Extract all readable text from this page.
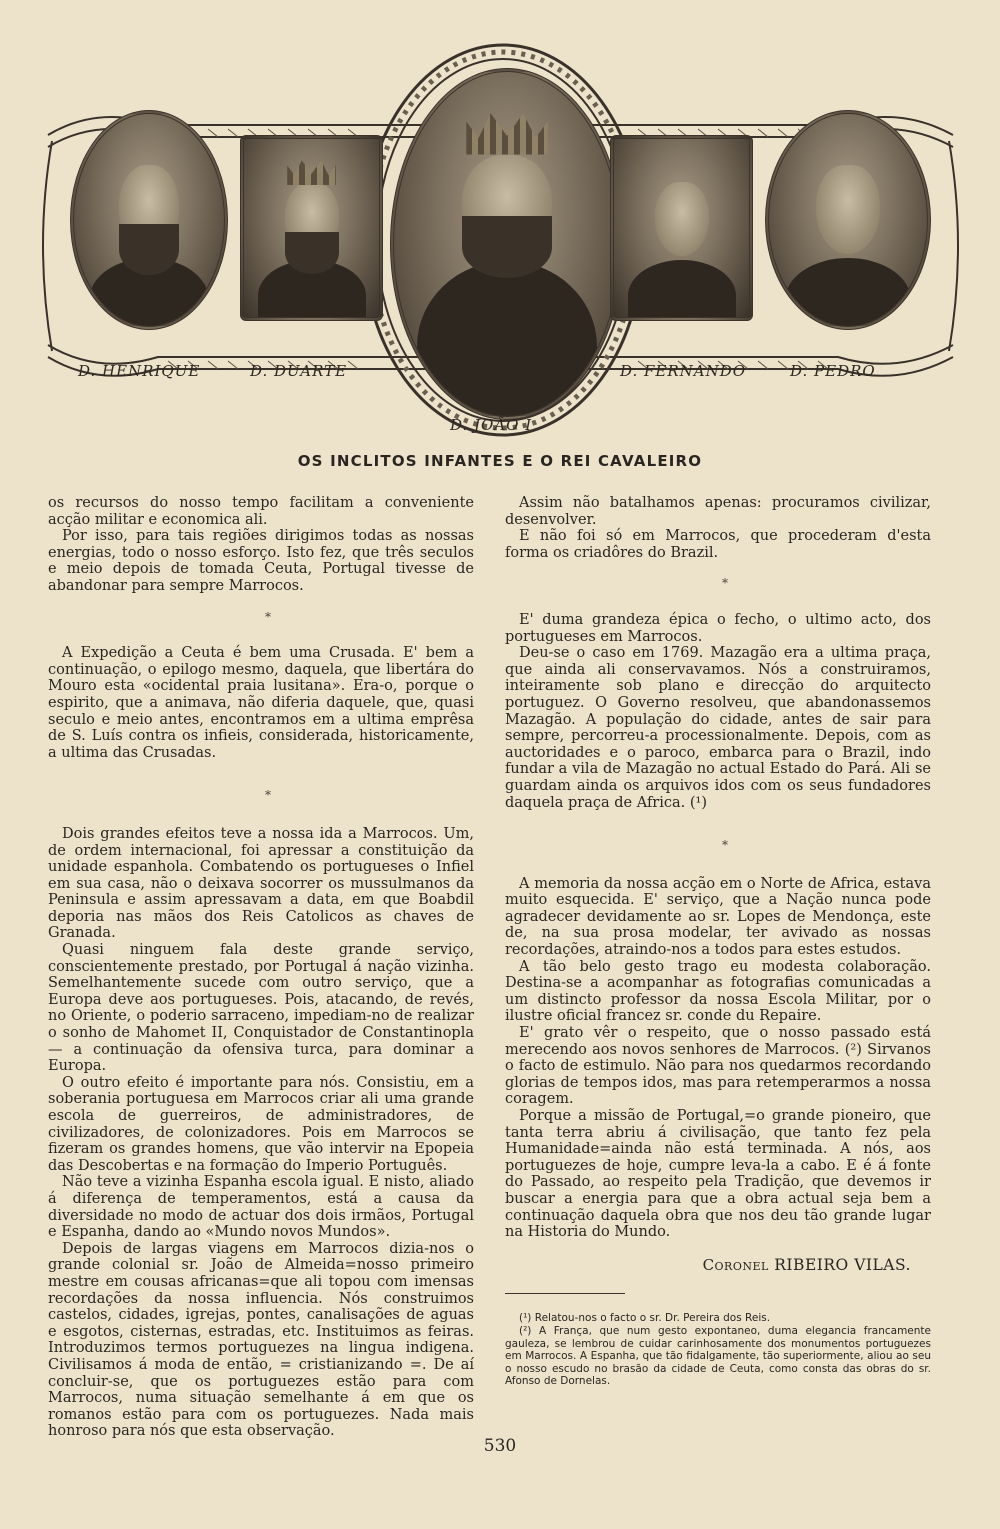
D. HENRIQUE	D. DUARTE	D. FERNANDO	D. PEDRO
D. JOÃO I
OS INCLITOS INFANTES E O REI CAVALEIRO

os recursos do nosso tempo facilitam a conveniente acção militar e economica ali.

Por isso, para tais regiões dirigimos todas as nossas energias, todo o nosso esforço. Isto fez, que três seculos e meio depois de tomada Ceuta, Portugal tivesse de abandonar para sempre Marrocos.

*

A Expedição a Ceuta é bem uma Crusada. E' bem a continuação, o epilogo mesmo, daquela, que libertára do Mouro esta «ocidental praia lusitana». Era-o, porque o espirito, que a animava, não diferia daquele, que, quasi seculo e meio antes, encontramos em a ultima emprêsa de S. Luís contra os infieis, considerada, historicamente, a ultima das Crusadas.

*

Dois grandes efeitos teve a nossa ida a Marrocos. Um, de ordem internacional, foi apressar a constituição da unidade espanhola. Combatendo os portugueses o Infiel em sua casa, não o deixava socorrer os mussulmanos da Peninsula e assim apressavam a data, em que Boabdil deporia nas mãos dos Reis Catolicos as chaves de Granada.

Quasi ninguem fala deste grande serviço, conscientemente prestado, por Portugal á nação vizinha. Semelhantemente sucede com outro serviço, que a Europa deve aos portugueses. Pois, atacando, de revés, no Oriente, o poderio sarraceno, impediam-no de realizar o sonho de Mahomet II, Conquistador de Constantinopla — a continuação da ofensiva turca, para dominar a Europa.

O outro efeito é importante para nós. Consistiu, em a soberania portuguesa em Marrocos criar ali uma grande escola de guerreiros, de administradores, de civilizadores, de colonizadores. Pois em Marrocos se fizeram os grandes homens, que vão intervir na Epopeia das Descobertas e na formação do Imperio Português.

Não teve a vizinha Espanha escola igual. E nisto, aliado á diferença de temperamentos, está a causa da diversidade no modo de actuar dos dois irmãos, Portugal e Espanha, dando ao «Mundo novos Mundos».

Depois de largas viagens em Marrocos dizia-nos o grande colonial sr. João de Almeida=nosso primeiro mestre em cousas africanas=que ali topou com imensas recordações da nossa influencia. Nós construimos castelos, cidades, igrejas, pontes, canalisações de aguas e esgotos, cisternas, estradas, etc. Instituimos as feiras. Introduzimos termos portuguezes na lingua indigena. Civilisamos á moda de então, = cristianizando =. De aí concluir-se, que os portuguezes estão para com Marrocos, numa situação semelhante á em que os romanos estão para com os portuguezes. Nada mais honroso para nós que esta observação.

Assim não batalhamos apenas: procuramos civilizar, desenvolver.

E não foi só em Marrocos, que procederam d'esta forma os criadôres do Brazil.

*

E' duma grandeza épica o fecho, o ultimo acto, dos portugueses em Marrocos.

Deu-se o caso em 1769. Mazagão era a ultima praça, que ainda ali conservavamos. Nós a construiramos, inteiramente sob plano e direcção do arquitecto portuguez. O Governo resolveu, que abandonassemos Mazagão. A população do cidade, antes de sair para sempre, percorreu-a processionalmente. Depois, com as auctoridades e o paroco, embarca para o Brazil, indo fundar a vila de Mazagão no actual Estado do Pará. Ali se guardam ainda os arquivos idos com os seus fundadores daquela praça de Africa. (¹)

*

A memoria da nossa acção em o Norte de Africa, estava muito esquecida. E' serviço, que a Nação nunca pode agradecer devidamente ao sr. Lopes de Mendonça, este de, na sua prosa modelar, ter avivado as nossas recordações, atraindo-nos a todos para estes estudos.

A tão belo gesto trago eu modesta colaboração. Destina-se a acompanhar as fotografias comunicadas a um distincto professor da nossa Escola Militar, por o ilustre oficial francez sr. conde du Repaire.

E' grato vêr o respeito, que o nosso passado está merecendo aos novos senhores de Marrocos. (²) Sirvanos o facto de estimulo. Não para nos quedarmos recordando glorias de tempos idos, mas para retemperarmos a nossa coragem.

Porque a missão de Portugal,=o grande pioneiro, que tanta terra abriu á civilisação, que tanto fez pela Humanidade=ainda não está terminada. A nós, aos portuguezes de hoje, cumpre leva-la a cabo. E é á fonte do Passado, ao respeito pela Tradição, que devemos ir buscar a energia para que a obra actual seja bem a continuação daquela obra que nos deu tão grande lugar na Historia do Mundo.

Coronel RIBEIRO VILAS.

(¹) Relatou-nos o facto o sr. Dr. Pereira dos Reis.

(²) A França, que num gesto expontaneo, duma elegancia francamente gauleza, se lembrou de cuidar carinhosamente dos monumentos portuguezes em Marrocos. A Espanha, que tão fidalgamente, tão superiormente, aliou ao seu o nosso escudo no brasão da cidade de Ceuta, como consta das obras do sr. Afonso de Dornelas.

530
